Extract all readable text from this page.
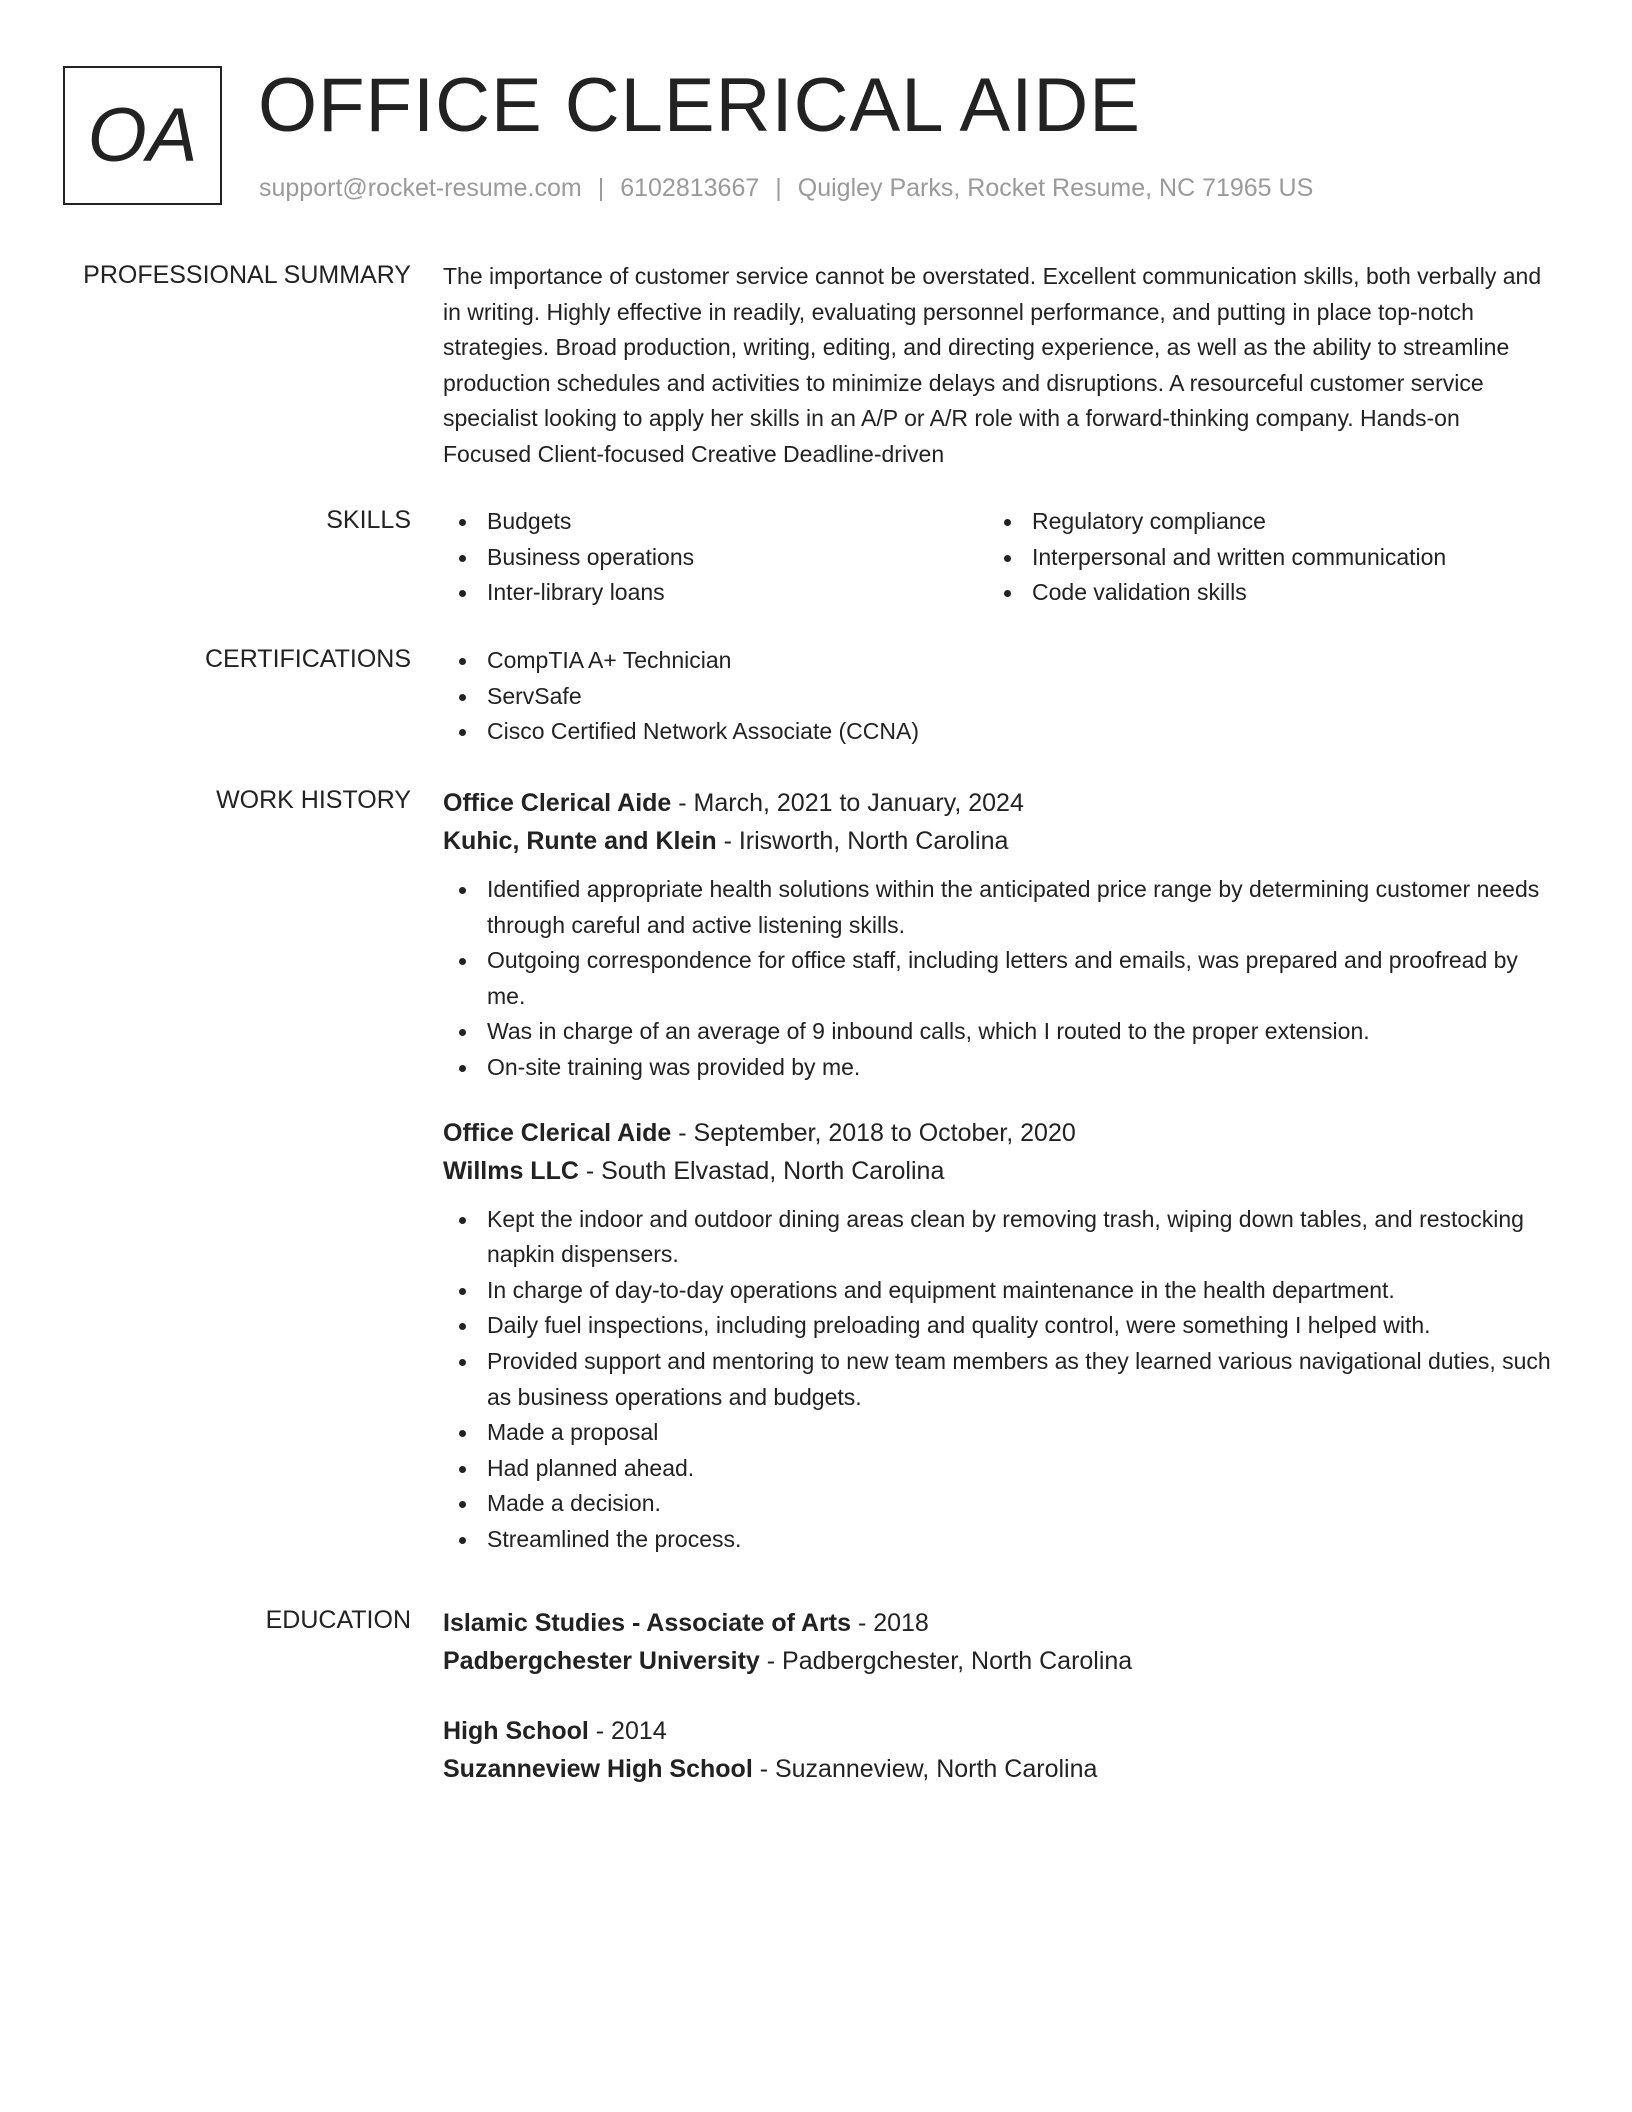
OA OFFICE CLERICAL AIDE
support@rocket-resume.com | 6102813667 | Quigley Parks, Rocket Resume, NC 71965 US
PROFESSIONAL SUMMARY The importance of customer service cannot be overstated. Excellent communication skills, both verbally and in writing. Highly effective in readily, evaluating personnel performance, and putting in place top-notch strategies. Broad production, writing, editing, and directing experience, as well as the ability to streamline production schedules and activities to minimize delays and disruptions. A resourceful customer service specialist looking to apply her skills in an A/P or A/R role with a forward-thinking company. Hands-on Focused Client-focused Creative Deadline-driven

SKILLS	Budgets
Business operations
Inter-library loans
Regulatory compliance
Interpersonal and written communication
Code validation skills
CERTIFICATIONS	CompTIA A+ Technician
ServSafe
Cisco Certified Network Associate (CCNA)
WORK HISTORY Office Clerical Aide - March, 2021 to January, 2024
Kuhic, Runte and Klein - Irisworth, North Carolina
Identified appropriate health solutions within the anticipated price range by determining customer needs through careful and active listening skills.
Outgoing correspondence for office staff, including letters and emails, was prepared and proofread by me.
Was in charge of an average of 9 inbound calls, which I routed to the proper extension.
On-site training was provided by me.
Office Clerical Aide - September, 2018 to October, 2020
Willms LLC - South Elvastad, North Carolina
Kept the indoor and outdoor dining areas clean by removing trash, wiping down tables, and restocking napkin dispensers.
In charge of day-to-day operations and equipment maintenance in the health department.
Daily fuel inspections, including preloading and quality control, were something I helped with.
Provided support and mentoring to new team members as they learned various navigational duties, such as business operations and budgets.
Made a proposal
Had planned ahead.
Made a decision.
Streamlined the process.
EDUCATION Islamic Studies - Associate of Arts - 2018
Padbergchester University - Padbergchester, North Carolina
High School - 2014
Suzanneview High School - Suzanneview, North Carolina
